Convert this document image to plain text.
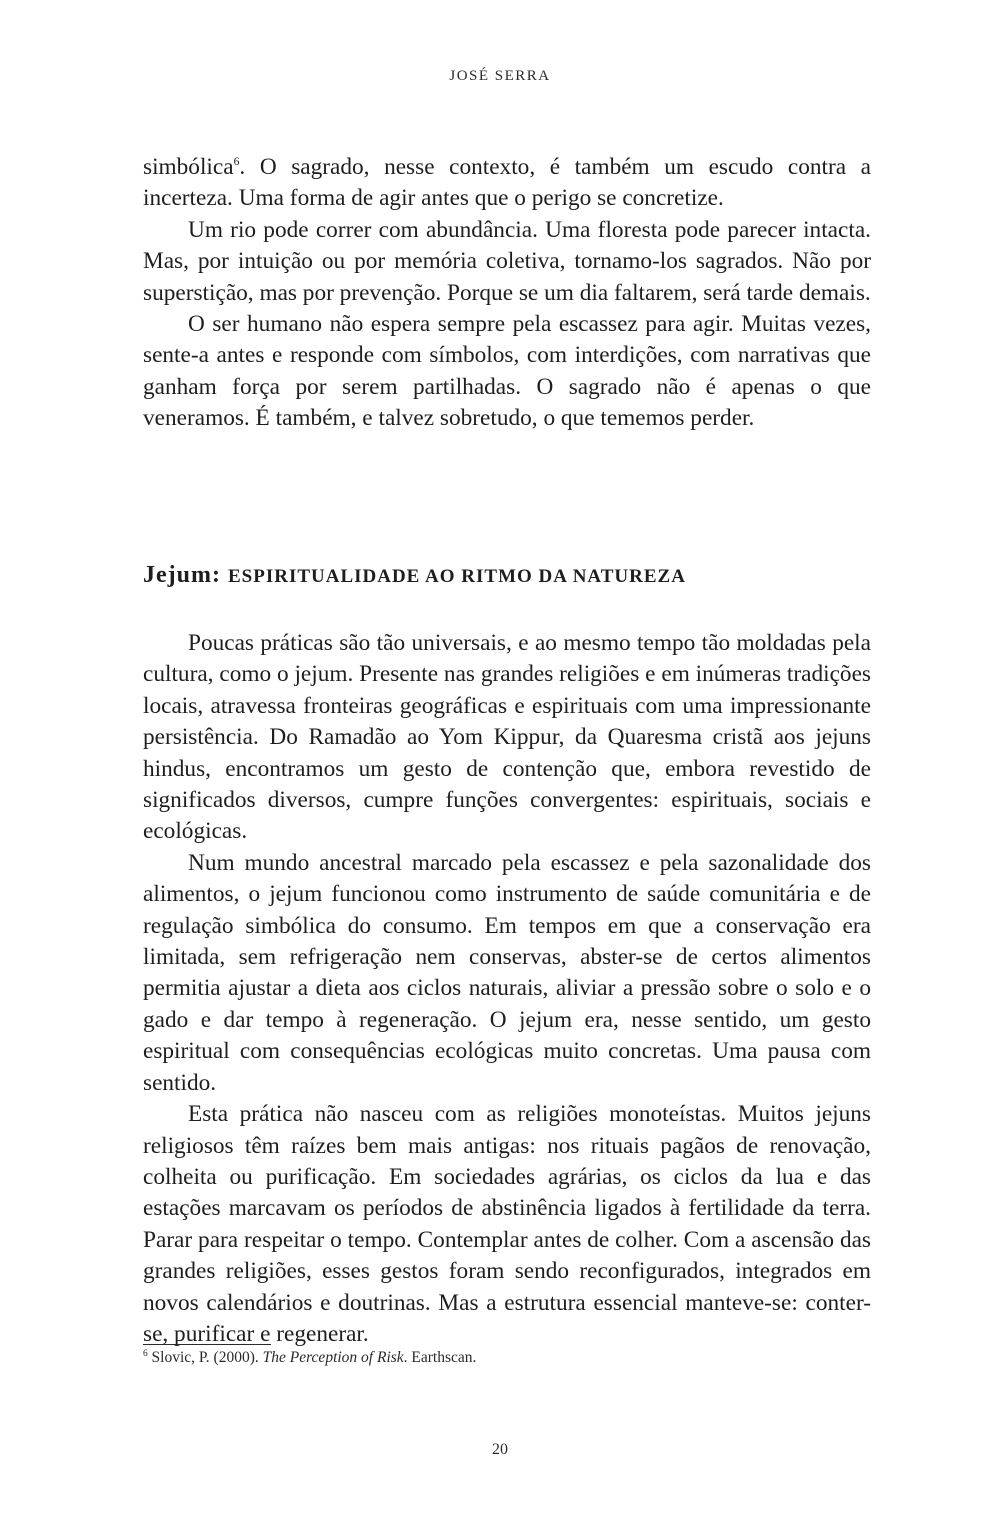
JOSÉ SERRA

simbólica$^6$. O sagrado, nesse contexto, é também um escudo contra a incerteza. Uma forma de agir antes que o perigo se concretize.

Um rio pode correr com abundância. Uma floresta pode parecer intacta. Mas, por intuição ou por memória coletiva, tornamo-los sagrados. Não por superstição, mas por prevenção. Porque se um dia faltarem, será tarde demais.

O ser humano não espera sempre pela escassez para agir. Muitas vezes, sente-a antes e responde com símbolos, com interdições, com narrativas que ganham força por serem partilhadas. O sagrado não é apenas o que veneramos. É também, e talvez sobretudo, o que tememos perder.

Jejum: ESPIRITUALIDADE AO RITMO DA NATUREZA

Poucas práticas são tão universais, e ao mesmo tempo tão moldadas pela cultura, como o jejum. Presente nas grandes religiões e em inúmeras tradições locais, atravessa fronteiras geográficas e espirituais com uma impressionante persistência. Do Ramadão ao Yom Kippur, da Quaresma cristã aos jejuns hindus, encontramos um gesto de contenção que, embora revestido de significados diversos, cumpre funções convergentes: espirituais, sociais e ecológicas.

Num mundo ancestral marcado pela escassez e pela sazonalidade dos alimentos, o jejum funcionou como instrumento de saúde comunitária e de regulação simbólica do consumo. Em tempos em que a conservação era limitada, sem refrigeração nem conservas, abster-se de certos alimentos permitia ajustar a dieta aos ciclos naturais, aliviar a pressão sobre o solo e o gado e dar tempo à regeneração. O jejum era, nesse sentido, um gesto espiritual com consequências ecológicas muito concretas. Uma pausa com sentido.

Esta prática não nasceu com as religiões monoteístas. Muitos jejuns religiosos têm raízes bem mais antigas: nos rituais pagãos de renovação, colheita ou purificação. Em sociedades agrárias, os ciclos da lua e das estações marcavam os períodos de abstinência ligados à fertilidade da terra. Parar para respeitar o tempo. Contemplar antes de colher. Com a ascensão das grandes religiões, esses gestos foram sendo reconfigurados, integrados em novos calendários e doutrinas. Mas a estrutura essencial manteve-se: conter-se, purificar e regenerar.

$^6$ Slovic, P. (2000). The Perception of Risk. Earthscan.
20
